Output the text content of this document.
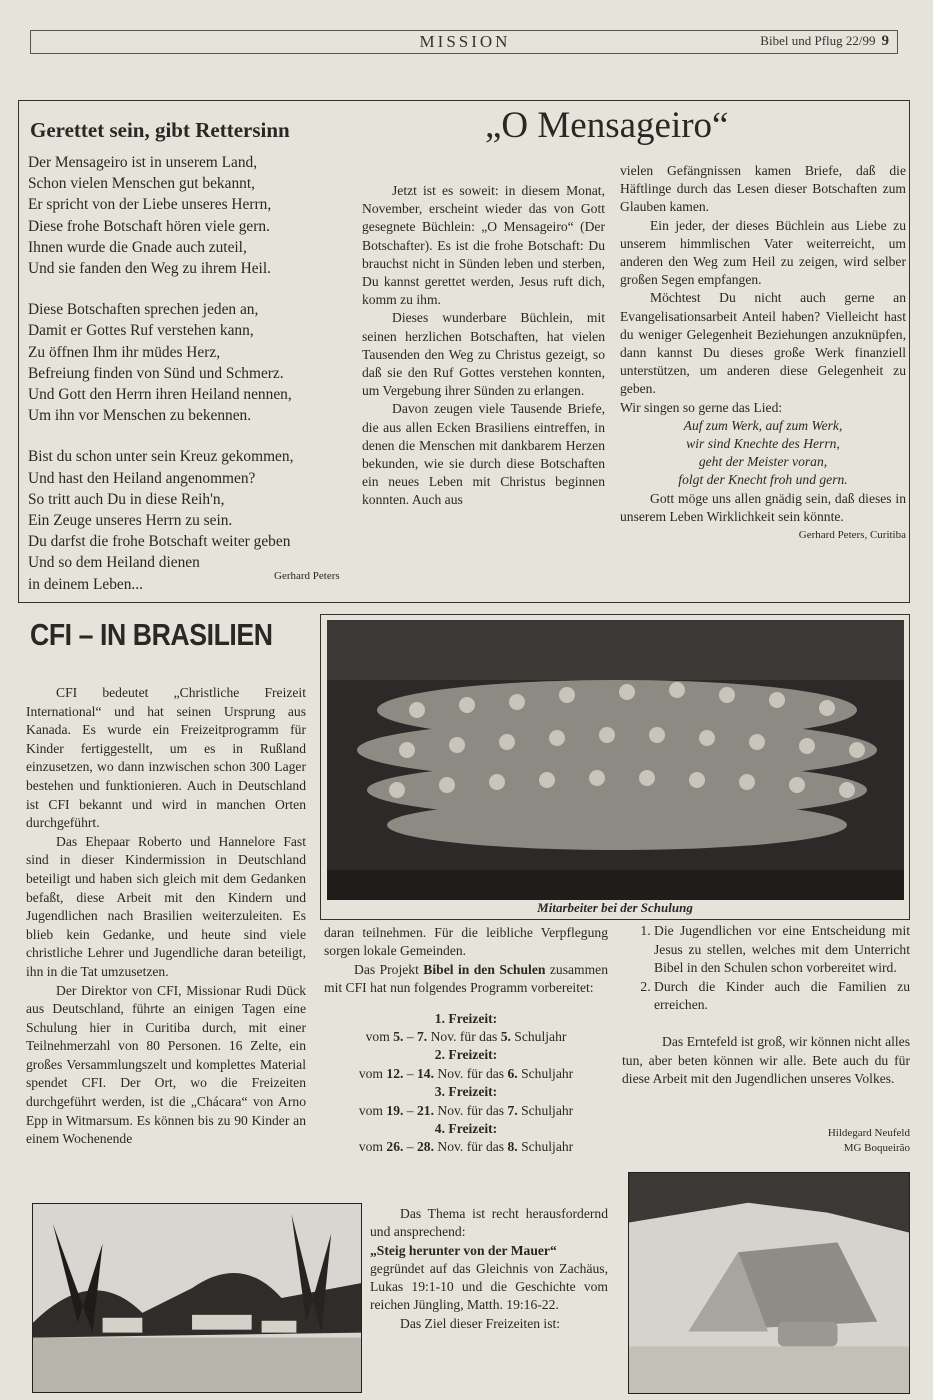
MISSION	Bibel und Pflug 22/99 9
Gerettet sein, gibt Rettersinn
Der Mensageiro ist in unserem Land,
Schon vielen Menschen gut bekannt,
Er spricht von der Liebe unseres Herrn,
Diese frohe Botschaft hören viele gern.
Ihnen wurde die Gnade auch zuteil,
Und sie fanden den Weg zu ihrem Heil.
Diese Botschaften sprechen jeden an,
Damit er Gottes Ruf verstehen kann,
Zu öffnen Ihm ihr müdes Herz,
Befreiung finden von Sünd und Schmerz.
Und Gott den Herrn ihren Heiland nennen,
Um ihn vor Menschen zu bekennen.
Bist du schon unter sein Kreuz gekommen,
Und hast den Heiland angenommen?
So tritt auch Du in diese Reih'n,
Ein Zeuge unseres Herrn zu sein.
Du darfst die frohe Botschaft weiter geben
Und so dem Heiland dienen
in deinem Leben...	Gerhard Peters
„O Mensageiro“

Jetzt ist es soweit: in diesem Monat, November, erscheint wieder das von Gott gesegnete Büchlein: „O Mensageiro“ (Der Botschafter). Es ist die frohe Botschaft: Du brauchst nicht in Sünden leben und sterben, Du kannst gerettet werden, Jesus ruft dich, komm zu ihm.

Dieses wunderbare Büchlein, mit seinen herzlichen Botschaften, hat vielen Tausenden den Weg zu Christus gezeigt, so daß sie den Ruf Gottes verstehen konnten, um Vergebung ihrer Sünden zu erlangen.

Davon zeugen viele Tausende Briefe, die aus allen Ecken Brasiliens eintreffen, in denen die Menschen mit dankbarem Herzen bekunden, wie sie durch diese Botschaften ein neues Leben mit Christus beginnen konnten. Auch aus

vielen Gefängnissen kamen Briefe, daß die Häftlinge durch das Lesen dieser Botschaften zum Glauben kamen.

Ein jeder, der dieses Büchlein aus Liebe zu unserem himmlischen Vater weiterreicht, um anderen den Weg zum Heil zu zeigen, wird selber großen Segen empfangen.

Möchtest Du nicht auch gerne an Evangelisationsarbeit Anteil haben? Vielleicht hast du weniger Gelegenheit Beziehungen anzuknüpfen, dann kannst Du dieses große Werk finanziell unterstützen, um anderen diese Gelegenheit zu geben.

Wir singen so gerne das Lied:

Auf zum Werk, auf zum Werk,

wir sind Knechte des Herrn,

geht der Meister voran,

folgt der Knecht froh und gern.

Gott möge uns allen gnädig sein, daß dieses in unserem Leben Wirklichkeit sein könnte.
Gerhard Peters, Curitiba

CFI – IN BRASILIEN

CFI bedeutet „Christliche Freizeit International“ und hat seinen Ursprung aus Kanada. Es wurde ein Freizeitprogramm für Kinder fertiggestellt, um es in Rußland einzusetzen, wo dann inzwischen schon 300 Lager bestehen und funktionieren. Auch in Deutschland ist CFI bekannt und wird in manchen Orten durchgeführt.

Das Ehepaar Roberto und Hannelore Fast sind in dieser Kindermission in Deutschland beteiligt und haben sich gleich mit dem Gedanken befaßt, diese Arbeit mit den Kindern und Jugendlichen nach Brasilien weiterzuleiten. Es blieb kein Gedanke, und heute sind viele christliche Lehrer und Jugendliche daran beteiligt, ihn in die Tat umzusetzen.

Der Direktor von CFI, Missionar Rudi Dück aus Deutschland, führte an einigen Tagen eine Schulung hier in Curitiba durch, mit einer Teilnehmerzahl von 80 Personen. 16 Zelte, ein großes Versammlungszelt und komplettes Material spendet CFI. Der Ort, wo die Freizeiten durchgeführt werden, ist die „Chácara“ von Arno Epp in Witmarsum. Es können bis zu 90 Kinder an einem Wochenende

Mitarbeiter bei der Schulung

daran teilnehmen. Für die leibliche Verpflegung sorgen lokale Gemeinden.

Das Projekt Bibel in den Schulen zusammen mit CFI hat nun folgendes Programm vorbereitet:

1. Freizeit:
vom 5. – 7. Nov. für das 5. Schuljahr
2. Freizeit:
vom 12. – 14. Nov. für das 6. Schuljahr
3. Freizeit:
vom 19. – 21. Nov. für das 7. Schuljahr
4. Freizeit:
vom 26. – 28. Nov. für das 8. Schuljahr

Das Thema ist recht herausfordernd und ansprechend:

„Steig herunter von der Mauer“

gegründet auf das Gleichnis von Zachäus, Lukas 19:1-10 und die Geschichte vom reichen Jüngling, Matth. 19:16-22.

Das Ziel dieser Freizeiten ist:

1. Die Jugendlichen vor eine Entscheidung mit Jesus zu stellen, welches mit dem Unterricht Bibel in den Schulen schon vorbereitet wird.
2. Durch die Kinder auch die Familien zu erreichen.

Das Erntefeld ist groß, wir können nicht alles tun, aber beten können wir alle. Bete auch du für diese Arbeit mit den Jugendlichen unseres Volkes.

Hildegard Neufeld
MG Boqueirão
